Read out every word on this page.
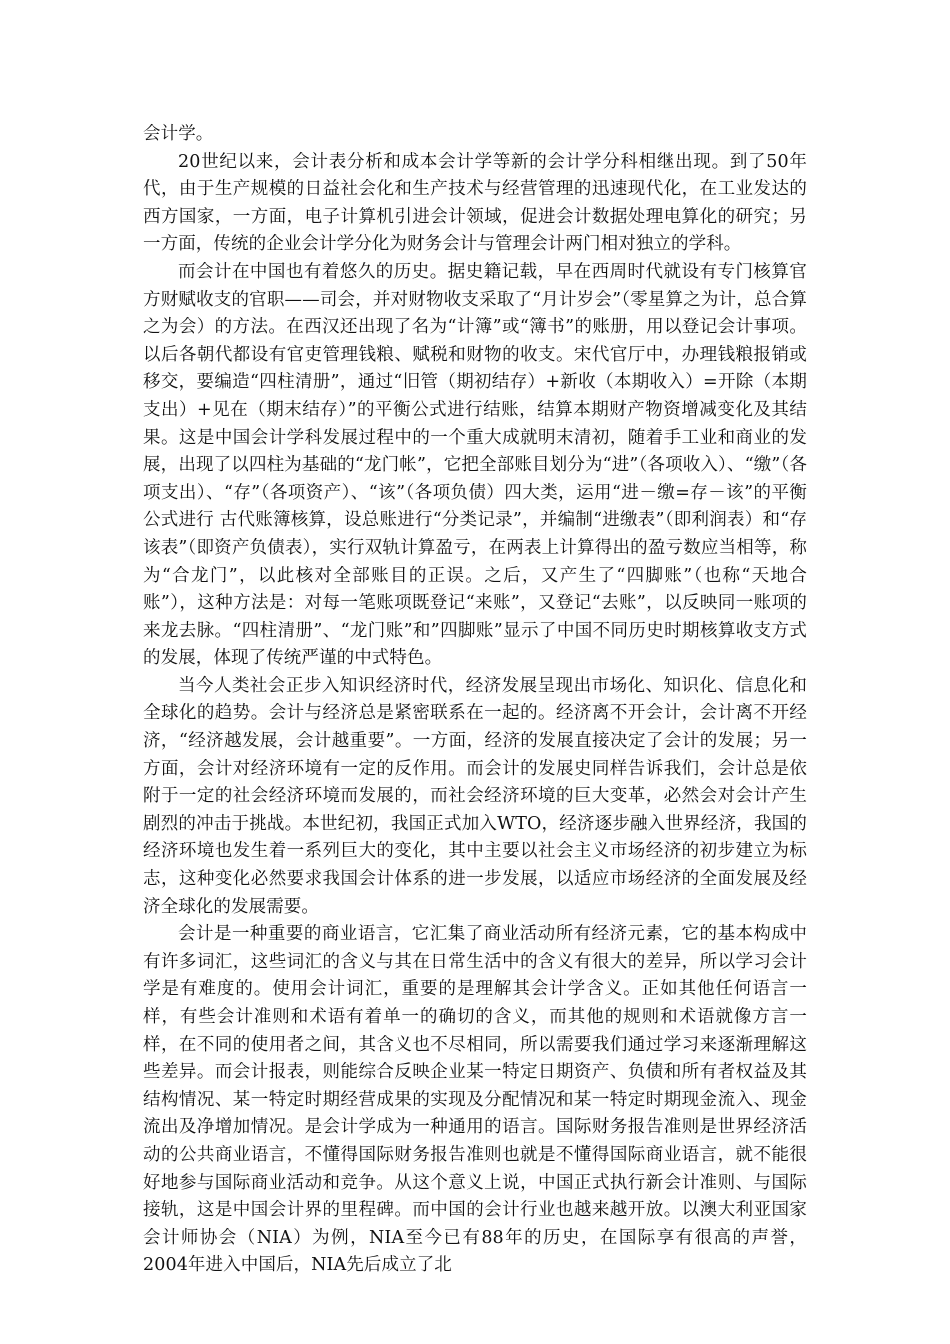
会计学。

20世纪以来，会计表分析和成本会计学等新的会计学分科相继出现。到了50年代，由于生产规模的日益社会化和生产技术与经营管理的迅速现代化，在工业发达的西方国家，一方面，电子计算机引进会计领域，促进会计数据处理电算化的研究；另一方面，传统的企业会计学分化为财务会计与管理会计两门相对独立的学科。

而会计在中国也有着悠久的历史。据史籍记载，早在西周时代就设有专门核算官方财赋收支的官职——司会，并对财物收支采取了“月计岁会”（零星算之为计，总合算之为会）的方法。在西汉还出现了名为“计簿”或“簿书”的账册，用以登记会计事项。以后各朝代都设有官吏管理钱粮、赋税和财物的收支。宋代官厅中，办理钱粮报销或移交，要编造“四柱清册”，通过“旧管（期初结存）+新收（本期收入）=开除（本期支出）+见在（期末结存）”的平衡公式进行结账，结算本期财产物资增减变化及其结果。这是中国会计学科发展过程中的一个重大成就明末清初，随着手工业和商业的发展，出现了以四柱为基础的“龙门帐”，它把全部账目划分为“进”（各项收入）、“缴”（各项支出）、“存”（各项资产）、“该”（各项负债）四大类，运用“进－缴=存－该”的平衡公式进行 古代账簿核算，设总账进行“分类记录”，并编制“进缴表”（即利润表）和“存该表”（即资产负债表），实行双轨计算盈亏，在两表上计算得出的盈亏数应当相等，称为“合龙门”，以此核对全部账目的正误。之后，又产生了“四脚账”（也称“天地合账”），这种方法是：对每一笔账项既登记“来账”，又登记“去账”，以反映同一账项的来龙去脉。“四柱清册”、“龙门账”和”四脚账”显示了中国不同历史时期核算收支方式的发展，体现了传统严谨的中式特色。

当今人类社会正步入知识经济时代，经济发展呈现出市场化、知识化、信息化和全球化的趋势。会计与经济总是紧密联系在一起的。经济离不开会计，会计离不开经济，“经济越发展，会计越重要”。一方面，经济的发展直接决定了会计的发展；另一方面，会计对经济环境有一定的反作用。而会计的发展史同样告诉我们，会计总是依附于一定的社会经济环境而发展的，而社会经济环境的巨大变革，必然会对会计产生剧烈的冲击于挑战。本世纪初，我国正式加入WTO，经济逐步融入世界经济，我国的经济环境也发生着一系列巨大的变化，其中主要以社会主义市场经济的初步建立为标志，这种变化必然要求我国会计体系的进一步发展，以适应市场经济的全面发展及经济全球化的发展需要。

会计是一种重要的商业语言，它汇集了商业活动所有经济元素，它的基本构成中有许多词汇，这些词汇的含义与其在日常生活中的含义有很大的差异，所以学习会计学是有难度的。使用会计词汇，重要的是理解其会计学含义。正如其他任何语言一样，有些会计准则和术语有着单一的确切的含义，而其他的规则和术语就像方言一样，在不同的使用者之间，其含义也不尽相同，所以需要我们通过学习来逐渐理解这些差异。而会计报表，则能综合反映企业某一特定日期资产、负债和所有者权益及其结构情况、某一特定时期经营成果的实现及分配情况和某一特定时期现金流入、现金流出及净增加情况。是会计学成为一种通用的语言。国际财务报告准则是世界经济活动的公共商业语言，不懂得国际财务报告准则也就是不懂得国际商业语言，就不能很好地参与国际商业活动和竞争。从这个意义上说，中国正式执行新会计准则、与国际接轨，这是中国会计界的里程碑。而中国的会计行业也越来越开放。以澳大利亚国家会计师协会（NIA）为例，NIA至今已有88年的历史，在国际享有很高的声誉，2004年进入中国后，NIA先后成立了北
